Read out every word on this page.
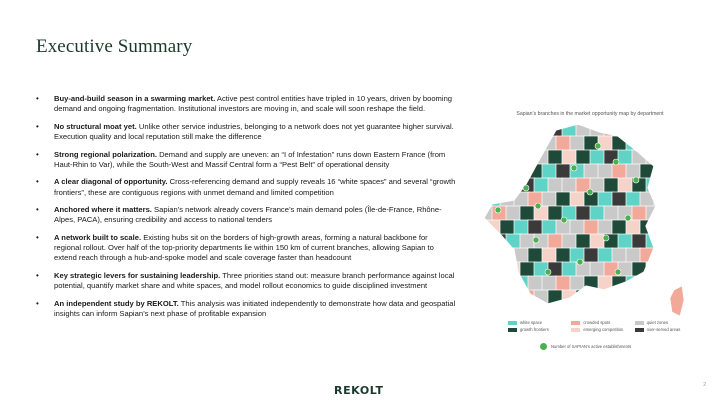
Executive Summary
• Buy-and-build season in a swarming market. Active pest control entities have tripled in 10 years, driven by booming demand and ongoing fragmentation. Institutional investors are moving in, and scale will soon reshape the field.
• No structural moat yet. Unlike other service industries, belonging to a network does not yet guarantee higher survival. Execution quality and local reputation still make the difference
• Strong regional polarization. Demand and supply are uneven: an “I of Infestation” runs down Eastern France (from Haut-Rhin to Var), while the South-West and Massif Central form a “Pest Belt” of operational density
• A clear diagonal of opportunity. Cross-referencing demand and supply reveals 16 “white spaces” and several “growth frontiers”, these are contiguous regions with unmet demand and limited competition
• Anchored where it matters. Sapian’s network already covers France’s main demand poles (Île-de-France, Rhône-Alpes, PACA), ensuring credibility and access to national tenders
• A network built to scale. Existing hubs sit on the borders of high-growth areas, forming a natural backbone for regional rollout. Over half of the top-priority departments lie within 150 km of current branches, allowing Sapian to extend reach through a hub-and-spoke model and scale coverage faster than headcount
• Key strategic levers for sustaining leadership. Three priorities stand out: measure branch performance against local potential, quantify market share and white spaces, and model rollout economics to guide disciplined investment
• An independent study by REKOLT. This analysis was initiated independently to demonstrate how data and geospatial insights can inform Sapian’s next phase of profitable expansion
Sapian’s branches in the market opportunity map by department
white space	crowded spots	quiet zones
growth frontiers	emerging competition	over-served areas
Number of SAPIAN’s active establishments
REKOLT	2
